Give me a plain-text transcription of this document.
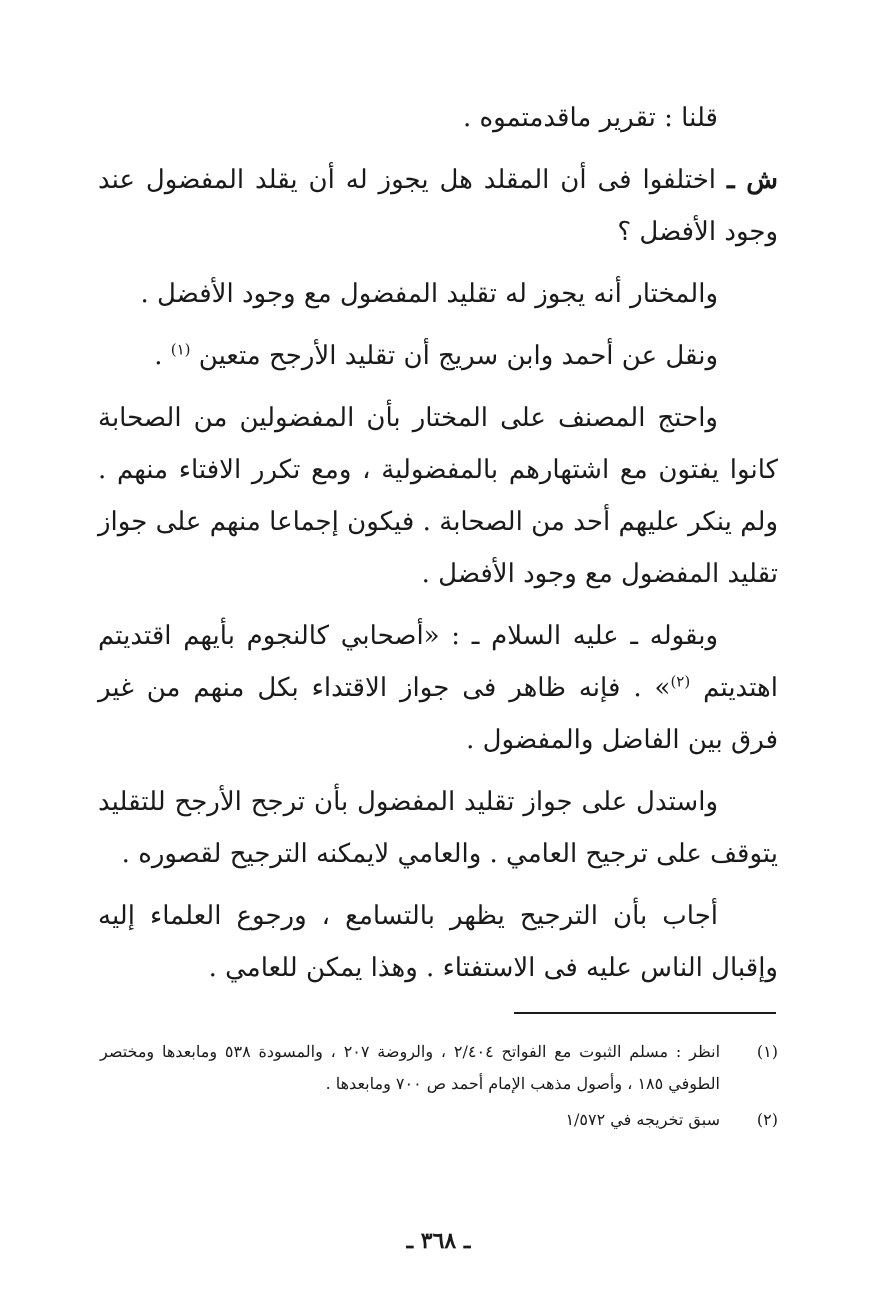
قلنا : تقرير ماقدمتموه .

ش ـ اختلفوا فى أن المقلد هل يجوز له أن يقلد المفضول عند وجود الأفضل ؟

والمختار أنه يجوز له تقليد المفضول مع وجود الأفضل .

ونقل عن أحمد وابن سريج أن تقليد الأرجح متعين $^{(١)}$ .

واحتج المصنف على المختار بأن المفضولين من الصحابة كانوا يفتون مع اشتهارهم بالمفضولية ، ومع تكرر الافتاء منهم . ولم ينكر عليهم أحد من الصحابة . فيكون إجماعا منهم على جواز تقليد المفضول مع وجود الأفضل .

وبقوله ـ عليه السلام ـ : «أصحابي كالنجوم بأيهم اقتديتم اهتديتم $^{(٢)}$» . فإنه ظاهر فى جواز الاقتداء بكل منهم من غير فرق بين الفاضل والمفضول .

واستدل على جواز تقليد المفضول بأن ترجح الأرجح للتقليد يتوقف على ترجيح العامي . والعامي لايمكنه الترجيح لقصوره .

أجاب بأن الترجيح يظهر بالتسامع ، ورجوع العلماء إليه وإقبال الناس عليه فى الاستفتاء . وهذا يمكن للعامي .

(١)
انظر : مسلم الثبوت مع الفواتح ٢/٤٠٤ ، والروضة ٢٠٧ ، والمسودة ٥٣٨ ومابعدها ومختصر الطوفي ١٨٥ ، وأصول مذهب الإمام أحمد ص ٧٠٠ ومابعدها .
(٢)
سبق تخريجه في ١/٥٧٢
ـ ٣٦٨ ـ
